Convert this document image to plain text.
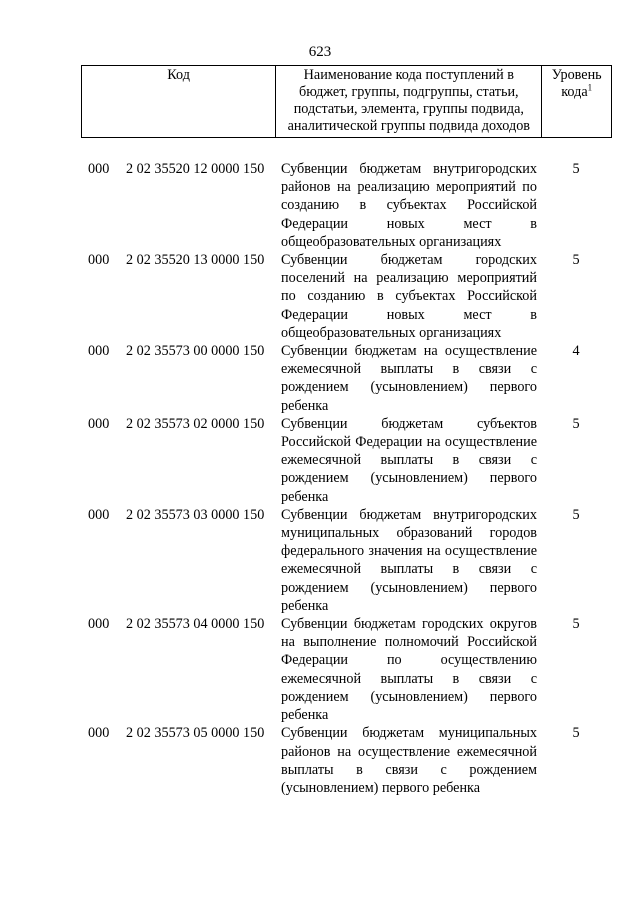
623
Код	Наименование кода поступлений в бюджет, группы, подгруппы, статьи, подстатьи, элемента, группы подвида, аналитической группы подвида доходов	Уровень кода$^1$
000 2 02 35520 12 0000 150 Субвенции бюджетам внутригородских районов на реализацию мероприятий по созданию в субъектах Российской Федерации новых мест в общеобразовательных организациях
5
000 2 02 35520 13 0000 150 Субвенции бюджетам городских поселений на реализацию мероприятий по созданию в субъектах Российской Федерации новых мест в общеобразовательных организациях
5
000 2 02 35573 00 0000 150 Субвенции бюджетам на осуществление ежемесячной выплаты в связи с рождением (усыновлением) первого ребенка
4
000 2 02 35573 02 0000 150 Субвенции бюджетам субъектов Российской Федерации на осуществление ежемесячной выплаты в связи с рождением (усыновлением) первого ребенка
5
000 2 02 35573 03 0000 150 Субвенции бюджетам внутригородских муниципальных образований городов федерального значения на осуществление ежемесячной выплаты в связи с рождением (усыновлением) первого ребенка
5
000 2 02 35573 04 0000 150 Субвенции бюджетам городских округов на выполнение полномочий Российской Федерации по осуществлению ежемесячной выплаты в связи с рождением (усыновлением) первого ребенка
5
000 2 02 35573 05 0000 150 Субвенции бюджетам муниципальных районов на осуществление ежемесячной выплаты в связи с рождением (усыновлением) первого ребенка
5
